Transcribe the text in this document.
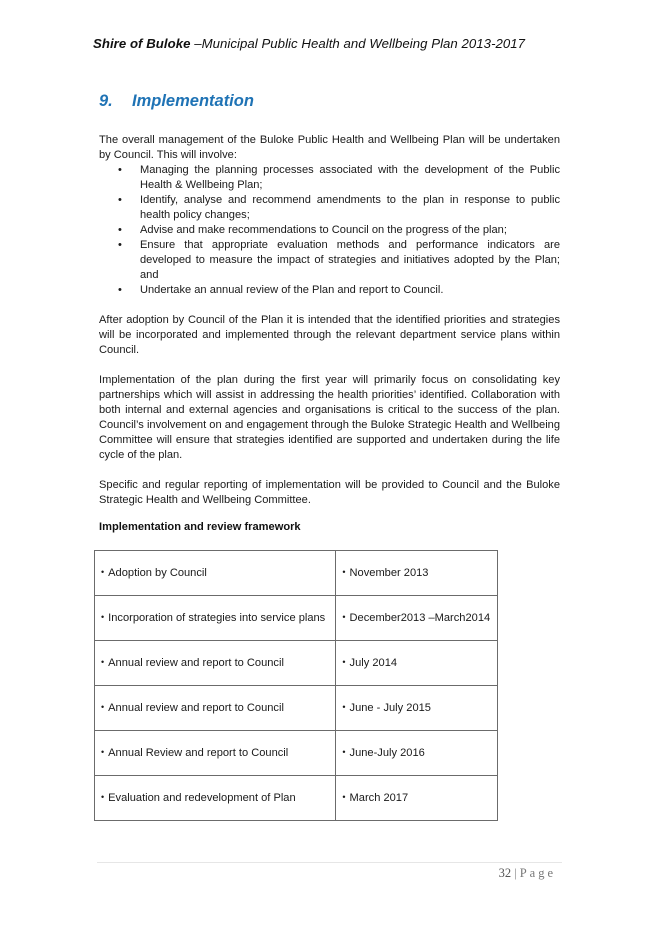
Shire of Buloke –Municipal Public Health and Wellbeing Plan 2013-2017
9. Implementation

The overall management of the Buloke Public Health and Wellbeing Plan will be undertaken by Council. This will involve:

• Managing the planning processes associated with the development of the Public Health & Wellbeing Plan;
• Identify, analyse and recommend amendments to the plan in response to public health policy changes;
• Advise and make recommendations to Council on the progress of the plan;
• Ensure that appropriate evaluation methods and performance indicators are developed to measure the impact of strategies and initiatives adopted by the Plan; and
• Undertake an annual review of the Plan and report to Council.

After adoption by Council of the Plan it is intended that the identified priorities and strategies will be incorporated and implemented through the relevant department service plans within Council.

Implementation of the plan during the first year will primarily focus on consolidating key partnerships which will assist in addressing the health priorities’ identified. Collaboration with both internal and external agencies and organisations is critical to the success of the plan. Council’s involvement on and engagement through the Buloke Strategic Health and Wellbeing Committee will ensure that strategies identified are supported and undertaken during the life cycle of the plan.

Specific and regular reporting of implementation will be provided to Council and the Buloke Strategic Health and Wellbeing Committee.

Implementation and review framework
• Adoption by Council	• November 2013
• Incorporation of strategies into service plans	• December2013 –March2014
• Annual review and report to Council	• July 2014
• Annual review and report to Council	• June - July 2015
• Annual Review and report to Council	• June-July 2016
• Evaluation and redevelopment of Plan	• March 2017
32 | Page
